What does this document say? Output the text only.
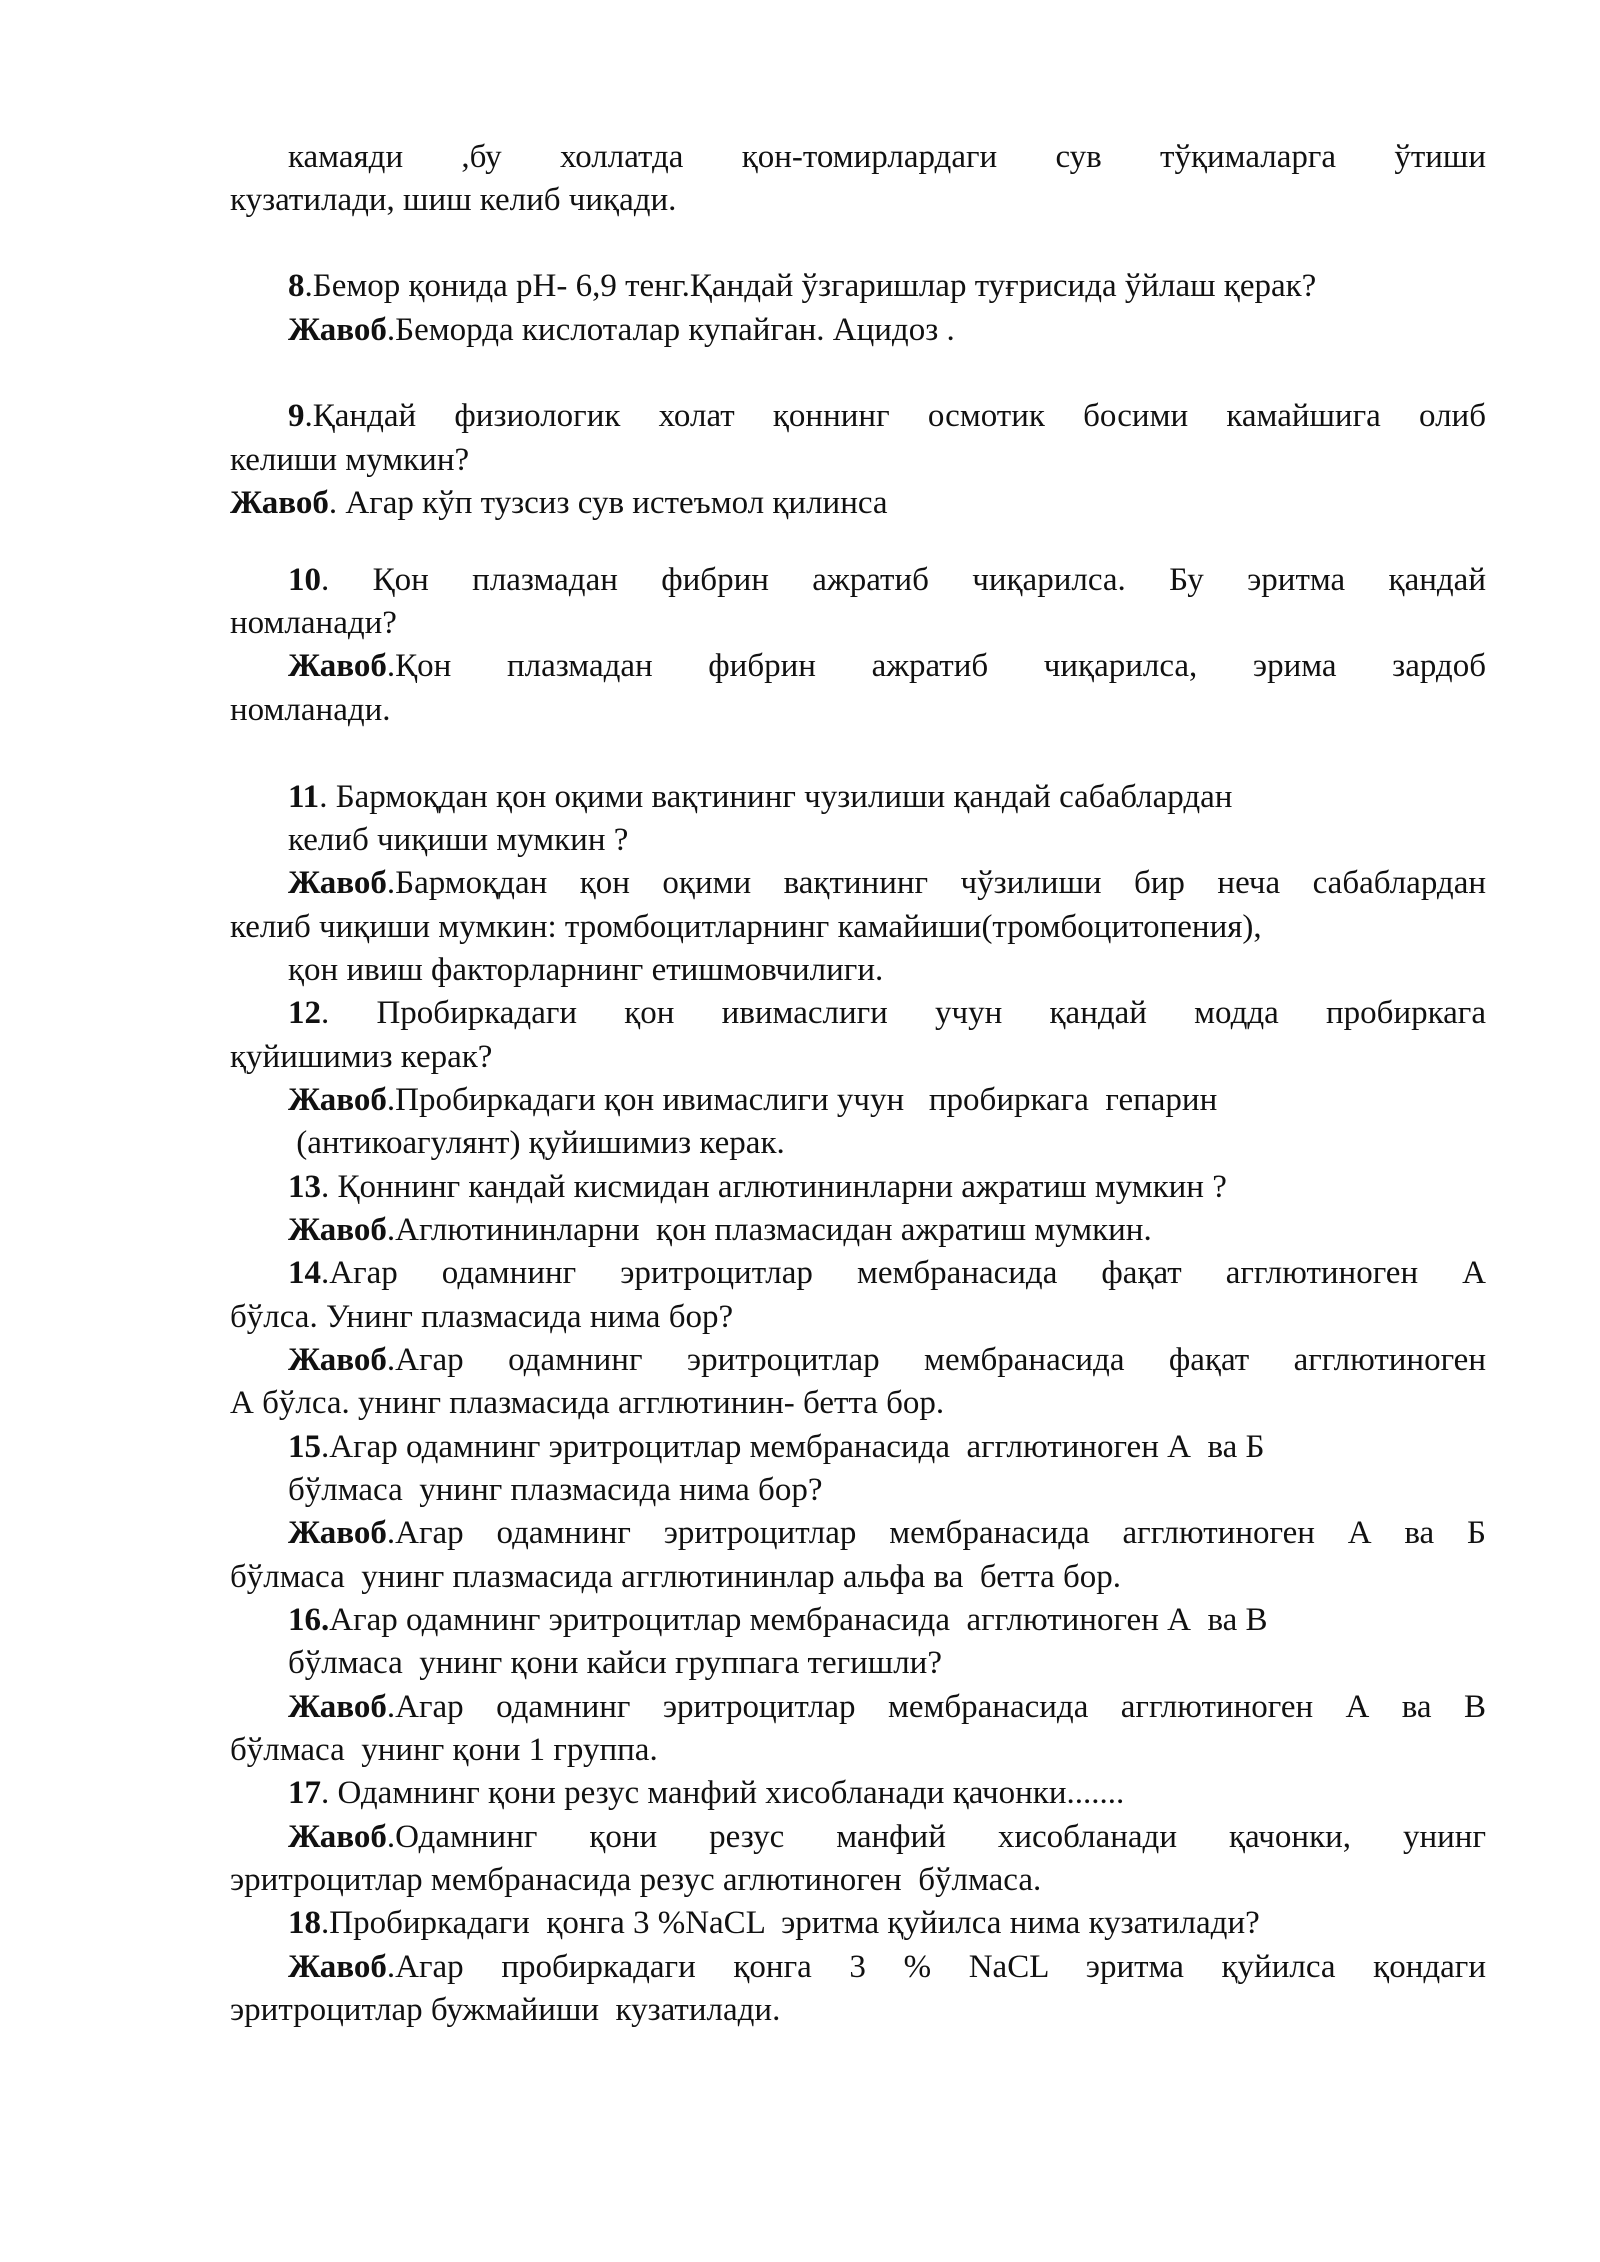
камаяди ,бу холлатда қон-томирлардаги сув тўқималарга ўтиши

кузатилади, шиш келиб чиқади.

8.Бемор қонида рН- 6,9 тенг.Қандай ўзгаришлар туғрисида ўйлаш қерак?

Жавоб.Беморда кислоталар купайган. Ацидоз .

9.Қандай физиологик холат қоннинг осмотик босими камайшига олиб

келиши мумкин?

Жавоб. Агар кўп тузсиз сув истеъмол қилинса

10. Қон плазмадан фибрин ажратиб чиқарилса. Бу эритма қандай

номланади?

Жавоб.Қон плазмадан фибрин ажратиб чиқарилса, эрима зардоб

номланади.

11. Бармоқдан қон оқими вақтининг чузилиши қандай сабаблардан

келиб чиқиши мумкин ?

Жавоб.Бармоқдан қон оқими вақтининг чўзилиши бир неча сабаблардан

келиб чиқиши мумкин: тромбоцитларнинг камайиши(тромбоцитопения),

қон ивиш факторларнинг етишмовчилиги.

12. Пробиркадаги қон ивимаслиги учун қандай модда пробиркага

қуйишимиз керак?

Жавоб.Пробиркадаги қон ивимаслиги учун   пробиркага  гепарин

(антикоагулянт) қуйишимиз керак.

13. Қоннинг кандай кисмидан аглютининларни ажратиш мумкин ?

Жавоб.Аглютининларни  қон плазмасидан ажратиш мумкин.

14.Агар одамнинг эритроцитлар мембранасида фақат агглютиноген А

бўлса. Унинг плазмасида нима бор?

Жавоб.Агар одамнинг эритроцитлар мембранасида фақат агглютиноген

А бўлса. унинг плазмасида агглютинин- бетта бор.

15.Агар одамнинг эритроцитлар мембранасида  агглютиноген А  ва Б

бўлмаса  унинг плазмасида нима бор?

Жавоб.Агар одамнинг эритроцитлар мембранасида агглютиноген А ва Б

бўлмаса  унинг плазмасида агглютининлар альфа ва  бетта бор.

16.Агар одамнинг эритроцитлар мембранасида  агглютиноген А  ва В

бўлмаса  унинг қони кайси группага тегишли?

Жавоб.Агар одамнинг эритроцитлар мембранасида агглютиноген А ва В

бўлмаса  унинг қони 1 группа.

17. Одамнинг қони резус манфий хисобланади қачонки.......

Жавоб.Одамнинг қони резус манфий хисобланади қачонки, унинг

эритроцитлар мембранасида резус аглютиноген  бўлмаса.

18.Пробиркадаги  қонга 3 %NaCL  эритма қуйилса нима кузатилади?

Жавоб.Агар пробиркадаги қонга 3 % NaCL эритма қуйилса қондаги

эритроцитлар бужмайиши  кузатилади.
